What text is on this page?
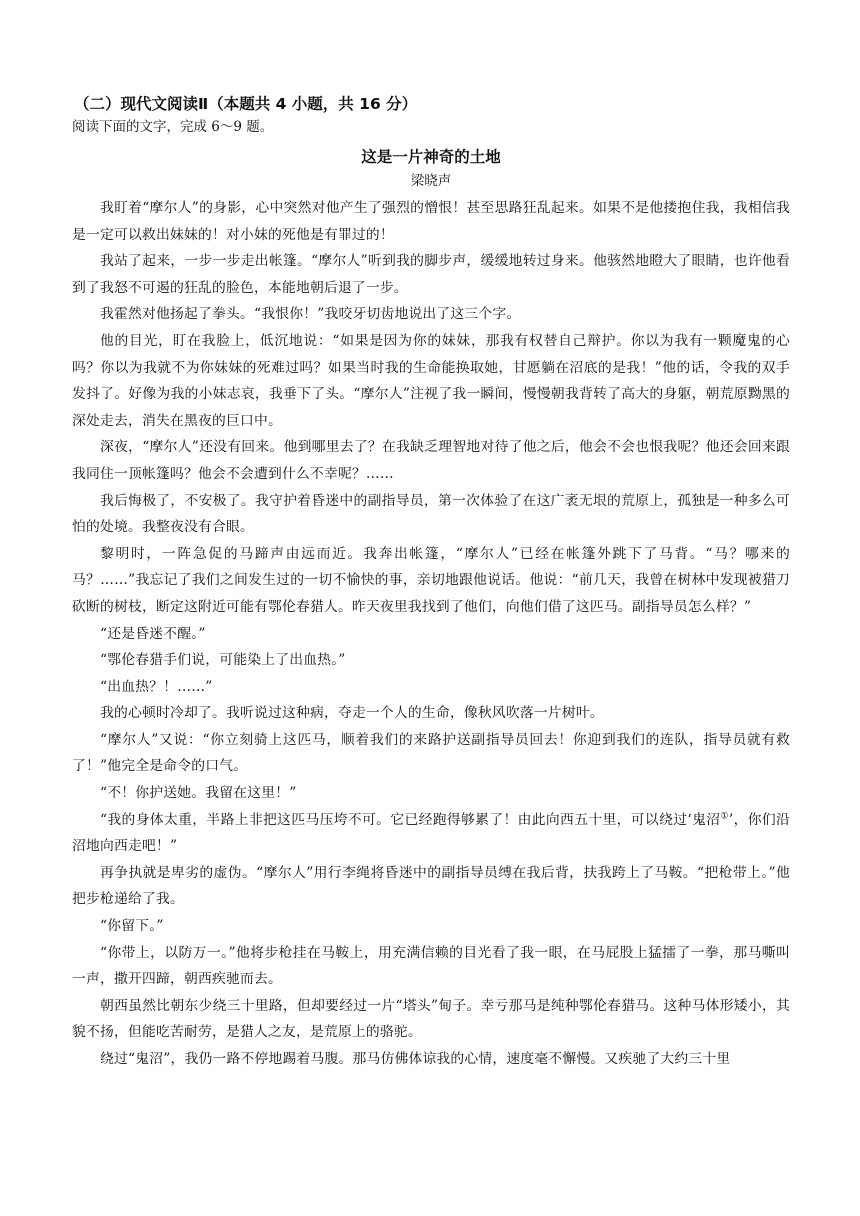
（二）现代文阅读Ⅱ（本题共 4 小题，共 16 分）

阅读下面的文字，完成 6～9 题。

这是一片神奇的土地

梁晓声

我盯着“摩尔人”的身影，心中突然对他产生了强烈的憎恨！甚至思路狂乱起来。如果不是他搂抱住我，我相信我是一定可以救出妹妹的！对小妹的死他是有罪过的！

我站了起来，一步一步走出帐篷。“摩尔人”听到我的脚步声，缓缓地转过身来。他骇然地瞪大了眼睛，也许他看到了我怒不可遏的狂乱的脸色，本能地朝后退了一步。

我霍然对他扬起了拳头。“我恨你！”我咬牙切齿地说出了这三个字。

他的目光，盯在我脸上，低沉地说：“如果是因为你的妹妹，那我有权替自己辩护。你以为我有一颗魔鬼的心吗？你以为我就不为你妹妹的死难过吗？如果当时我的生命能换取她，甘愿躺在沼底的是我！”他的话，令我的双手发抖了。好像为我的小妹志哀，我垂下了头。“摩尔人”注视了我一瞬间，慢慢朝我背转了高大的身躯，朝荒原黝黑的深处走去，消失在黑夜的巨口中。

深夜，“摩尔人”还没有回来。他到哪里去了？在我缺乏理智地对待了他之后，他会不会也恨我呢？他还会回来跟我同住一顶帐篷吗？他会不会遭到什么不幸呢？……

我后悔极了，不安极了。我守护着昏迷中的副指导员，第一次体验了在这广袤无垠的荒原上，孤独是一种多么可怕的处境。我整夜没有合眼。

黎明时，一阵急促的马蹄声由远而近。我奔出帐篷，“摩尔人”已经在帐篷外跳下了马背。“马？哪来的马？……”我忘记了我们之间发生过的一切不愉快的事，亲切地跟他说话。他说：“前几天，我曾在树林中发现被猎刀砍断的树枝，断定这附近可能有鄂伦春猎人。昨天夜里我找到了他们，向他们借了这匹马。副指导员怎么样？”

“还是昏迷不醒。”

“鄂伦春猎手们说，可能染上了出血热。”

“出血热？！……”

我的心顿时冷却了。我听说过这种病，夺走一个人的生命，像秋风吹落一片树叶。

“摩尔人”又说：“你立刻骑上这匹马，顺着我们的来路护送副指导员回去！你迎到我们的连队，指导员就有救了！”他完全是命令的口气。

“不！你护送她。我留在这里！”

“我的身体太重，半路上非把这匹马压垮不可。它已经跑得够累了！由此向西五十里，可以绕过‘鬼沼①’，你们沿沼地向西走吧！”

再争执就是卑劣的虚伪。“摩尔人”用行李绳将昏迷中的副指导员缚在我后背，扶我跨上了马鞍。“把枪带上。”他把步枪递给了我。

“你留下。”

“你带上，以防万一。”他将步枪挂在马鞍上，用充满信赖的目光看了我一眼，在马屁股上猛擂了一拳，那马嘶叫一声，撒开四蹄，朝西疾驰而去。

朝西虽然比朝东少绕三十里路，但却要经过一片“塔头”甸子。幸亏那马是纯种鄂伦春猎马。这种马体形矮小，其貌不扬，但能吃苦耐劳，是猎人之友，是荒原上的骆驼。

绕过“鬼沼”，我仍一路不停地踢着马腹。那马仿佛体谅我的心情，速度毫不懈慢。又疾驰了大约三十里
